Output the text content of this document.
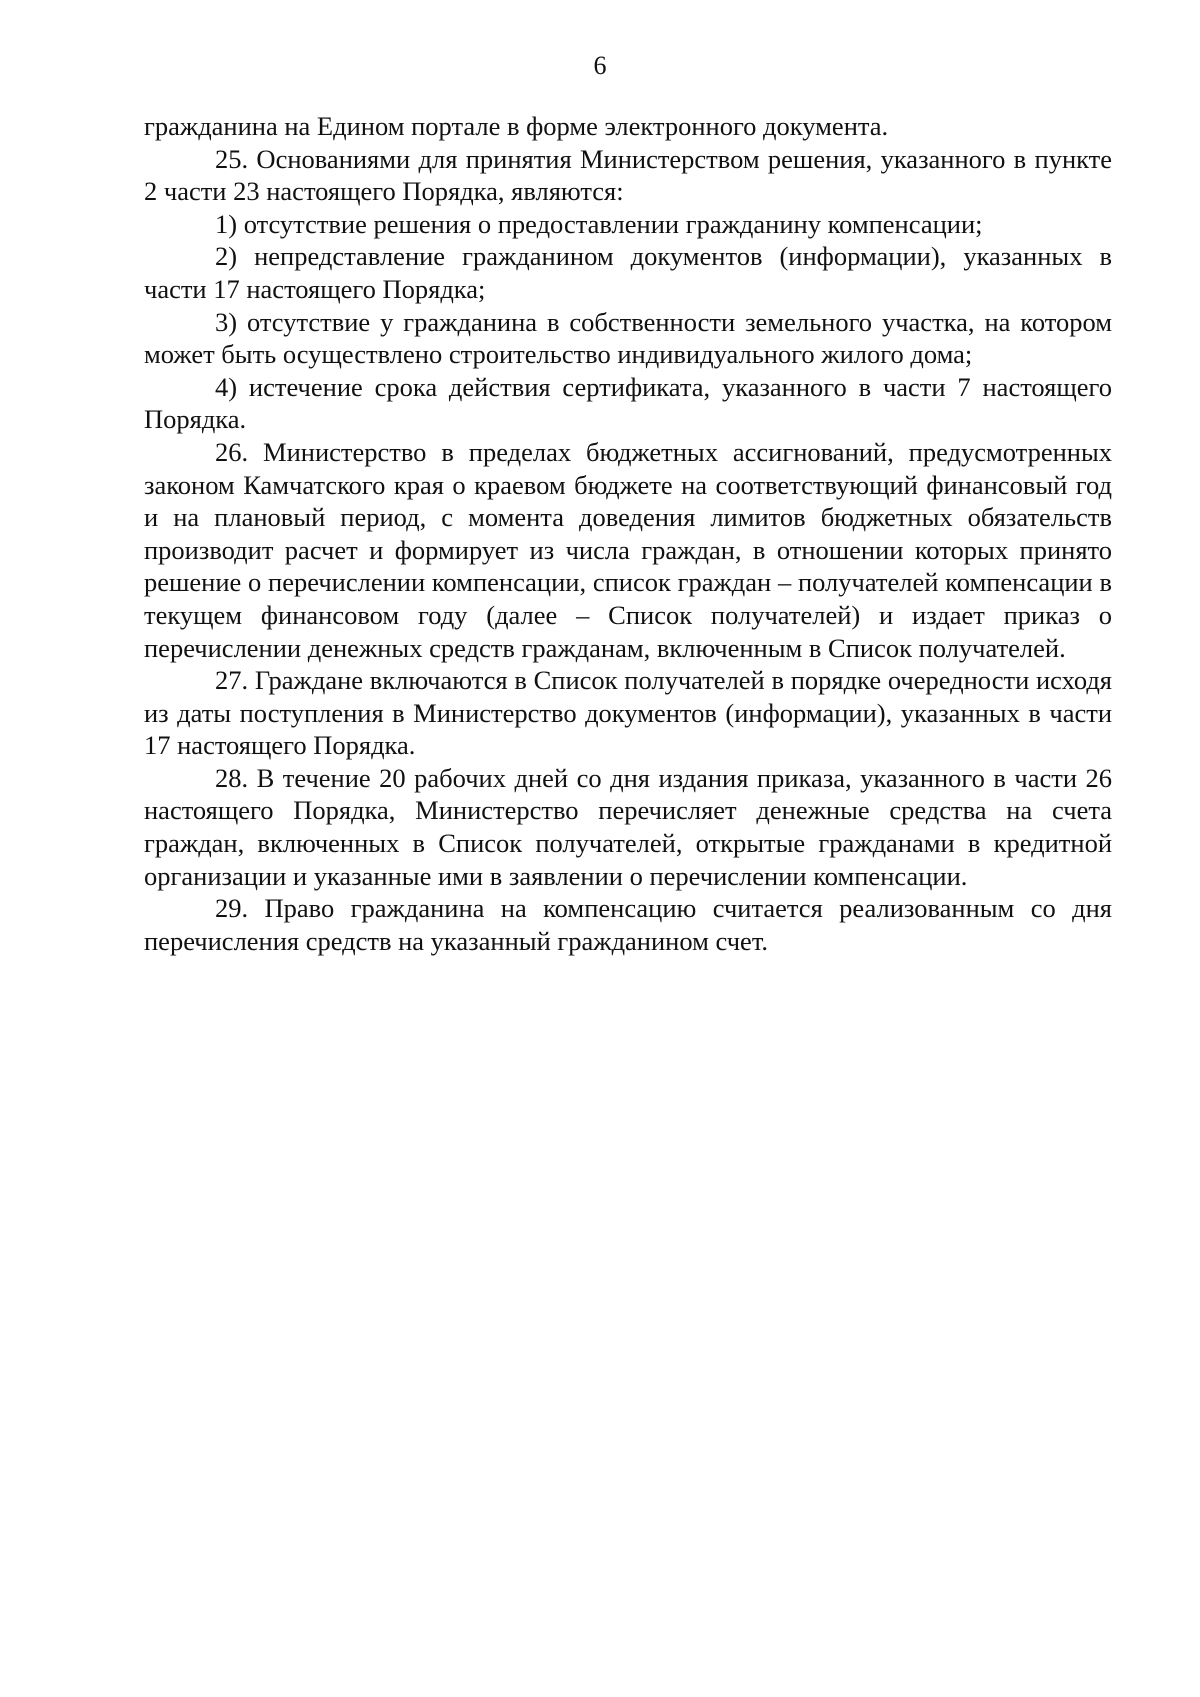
6

гражданина на Едином портале в форме электронного документа.

25. Основаниями для принятия Министерством решения, указанного в пункте 2 части 23 настоящего Порядка, являются:

1) отсутствие решения о предоставлении гражданину компенсации;

2) непредставление гражданином документов (информации), указанных в части 17 настоящего Порядка;

3) отсутствие у гражданина в собственности земельного участка, на котором может быть осуществлено строительство индивидуального жилого дома;

4) истечение срока действия сертификата, указанного в части 7 настоящего Порядка.

26. Министерство в пределах бюджетных ассигнований, предусмотренных законом Камчатского края о краевом бюджете на соответствующий финансовый год и на плановый период, с момента доведения лимитов бюджетных обязательств производит расчет и формирует из числа граждан, в отношении которых принято решение о перечислении компенсации, список граждан – получателей компенсации в текущем финансовом году (далее – Список получателей) и издает приказ о перечислении денежных средств гражданам, включенным в Список получателей.

27. Граждане включаются в Список получателей в порядке очередности исходя из даты поступления в Министерство документов (информации), указанных в части 17 настоящего Порядка.

28. В течение 20 рабочих дней со дня издания приказа, указанного в части 26 настоящего Порядка, Министерство перечисляет денежные средства на счета граждан, включенных в Список получателей, открытые гражданами в кредитной организации и указанные ими в заявлении о перечислении компенсации.

29. Право гражданина на компенсацию считается реализованным со дня перечисления средств на указанный гражданином счет.
